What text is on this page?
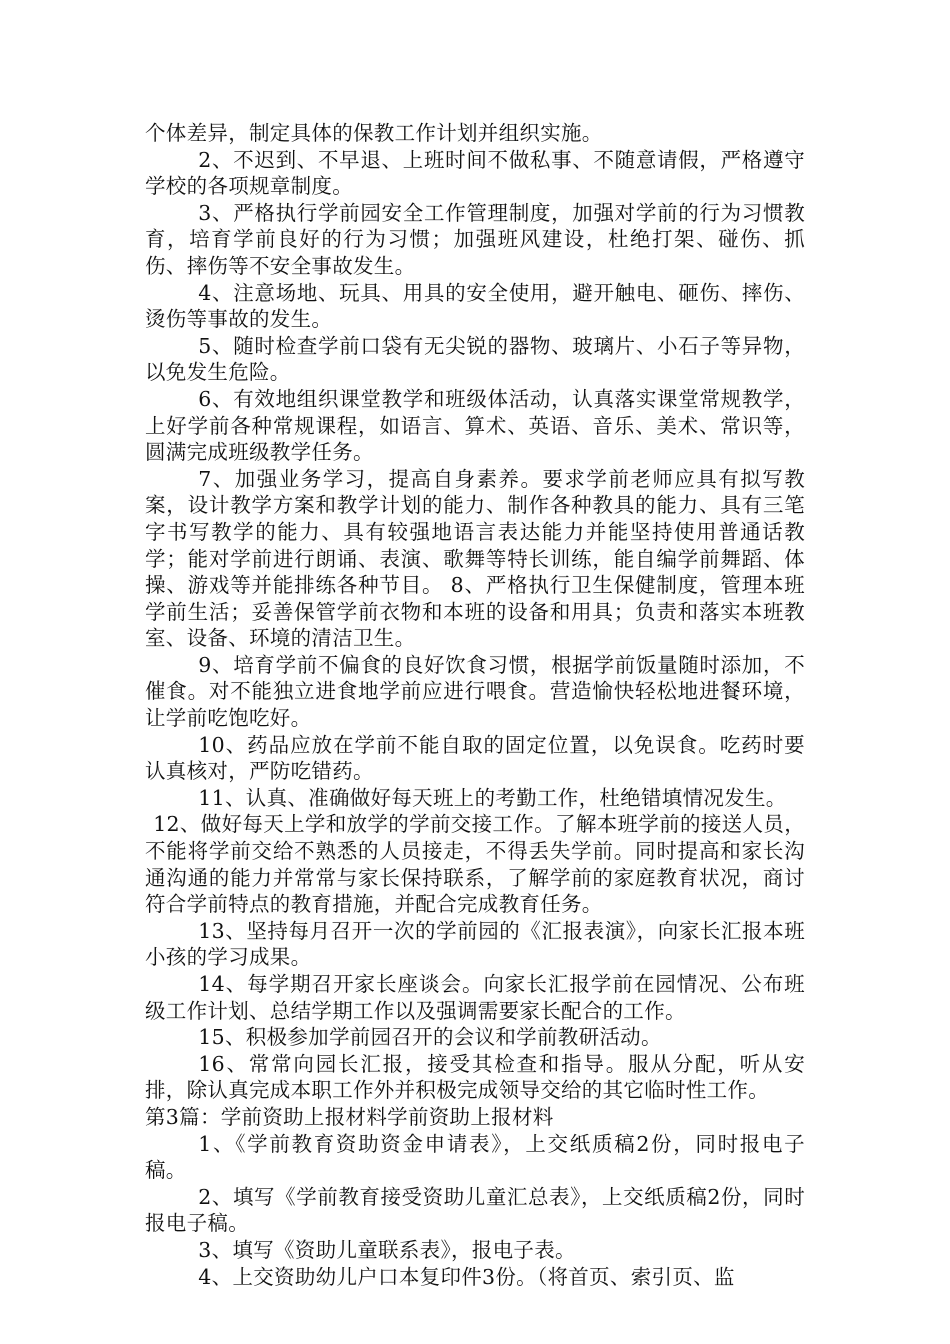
个体差异，制定具体的保教工作计划并组织实施。

2、不迟到、不早退、上班时间不做私事、不随意请假，严格遵守学校的各项规章制度。

3、严格执行学前园安全工作管理制度，加强对学前的行为习惯教育，培育学前良好的行为习惯；加强班风建设，杜绝打架、碰伤、抓伤、摔伤等不安全事故发生。

4、注意场地、玩具、用具的安全使用，避开触电、砸伤、摔伤、烫伤等事故的发生。

5、随时检查学前口袋有无尖锐的器物、玻璃片、小石子等异物，以免发生危险。

6、有效地组织课堂教学和班级体活动，认真落实课堂常规教学，上好学前各种常规课程，如语言、算术、英语、音乐、美术、常识等，圆满完成班级教学任务。

7、加强业务学习，提高自身素养。要求学前老师应具有拟写教案，设计教学方案和教学计划的能力、制作各种教具的能力、具有三笔字书写教学的能力、具有较强地语言表达能力并能坚持使用普通话教学；能对学前进行朗诵、表演、歌舞等特长训练，能自编学前舞蹈、体操、游戏等并能排练各种节目。 8、严格执行卫生保健制度，管理本班学前生活；妥善保管学前衣物和本班的设备和用具；负责和落实本班教室、设备、环境的清洁卫生。

9、培育学前不偏食的良好饮食习惯，根据学前饭量随时添加，不催食。对不能独立进食地学前应进行喂食。营造愉快轻松地进餐环境，让学前吃饱吃好。

10、药品应放在学前不能自取的固定位置，以免误食。吃药时要认真核对，严防吃错药。

11、认真、准确做好每天班上的考勤工作，杜绝错填情况发生。

12、做好每天上学和放学的学前交接工作。了解本班学前的接送人员，不能将学前交给不熟悉的人员接走，不得丢失学前。同时提高和家长沟通沟通的能力并常常与家长保持联系，了解学前的家庭教育状况，商讨符合学前特点的教育措施，并配合完成教育任务。

13、坚持每月召开一次的学前园的《汇报表演》，向家长汇报本班小孩的学习成果。

14、每学期召开家长座谈会。向家长汇报学前在园情况、公布班级工作计划、总结学期工作以及强调需要家长配合的工作。

15、积极参加学前园召开的会议和学前教研活动。

16、常常向园长汇报，接受其检查和指导。服从分配，听从安排，除认真完成本职工作外并积极完成领导交给的其它临时性工作。

第3篇：学前资助上报材料学前资助上报材料

1、《学前教育资助资金申请表》，上交纸质稿2份，同时报电子稿。

2、填写《学前教育接受资助儿童汇总表》，上交纸质稿2份，同时报电子稿。

3、填写《资助儿童联系表》，报电子表。

4、上交资助幼儿户口本复印件3份。（将首页、索引页、监
